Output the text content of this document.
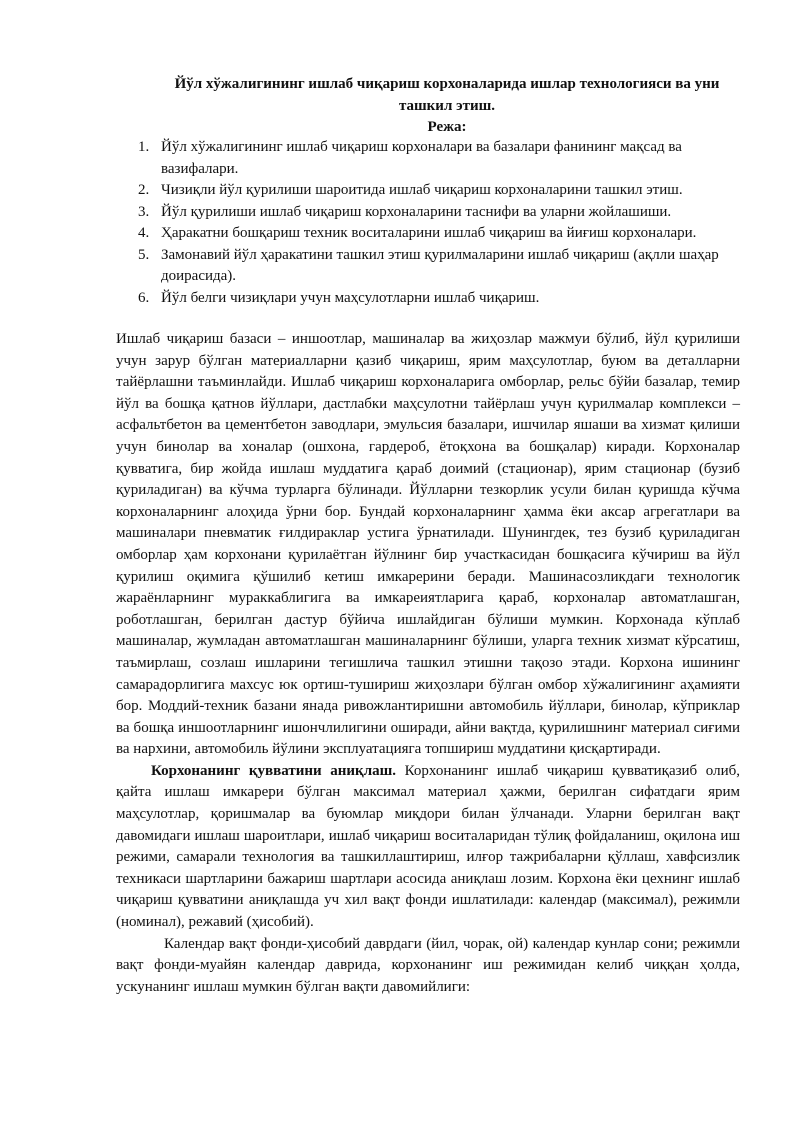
Йўл хўжалигининг ишлаб чиқариш корхоналарида ишлар технологияси ва уни ташкил этиш.
Режа:
1. Йўл хўжалигининг ишлаб чиқариш корхоналари ва базалари фанининг мақсад ва вазифалари.
2. Чизиқли йўл қурилиши шароитида ишлаб чиқариш корхоналарини ташкил этиш.
3. Йўл қурилиши ишлаб чиқариш корхоналарини таснифи ва уларни жойлашиши.
4. Ҳаракатни бошқариш техник воситаларини ишлаб чиқариш ва йиғиш корхоналари.
5. Замонавий йўл ҳаракатини ташкил этиш қурилмаларини ишлаб чиқариш (ақлли шаҳар доирасида).
6. Йўл белги чизиқлари учун маҳсулотларни ишлаб чиқариш.

Ишлаб чиқариш базаси – иншоотлар, машиналар ва жиҳозлар мажмуи бўлиб, йўл қурилиши учун зарур бўлган материалларни қазиб чиқариш, ярим маҳсулотлар, буюм ва деталларни тайёрлашни таъминлайди. Ишлаб чиқариш корхоналарига омборлар, рельс бўйи базалар, темир йўл ва бошқа қатнов йўллари, дастлабки маҳсулотни тайёрлаш учун қурилмалар комплекси – асфальтбетон ва цементбетон заводлари, эмульсия базалари, ишчилар яшаши ва хизмат қилиши учун бинолар ва хоналар (ошхона, гардероб, ётоқхона ва бошқалар) киради. Корхоналар қувватига, бир жойда ишлаш муддатига қараб доимий (стационар), ярим стационар (бузиб қуриладиган) ва кўчма турларга бўлинади. Йўлларни тезкорлик усули билан қуришда кўчма корхоналарнинг алоҳида ўрни бор. Бундай корхоналарнинг ҳамма ёки аксар агрегатлари ва машиналари пневматик ғилдираклар устига ўрнатилади. Шунингдек, тез бузиб қуриладиган омборлар ҳам корхонани қурилаётган йўлнинг бир участкасидан бошқасига кўчириш ва йўл қурилиш оқимига қўшилиб кетиш имкарерини беради. Машинасозликдаги технологик жараёнларнинг мураккаблигига ва имкареиятларига қараб, корхоналар автоматлашган, роботлашган, берилган дастур бўйича ишлайдиган бўлиши мумкин. Корхонада кўплаб машиналар, жумладан автоматлашган машиналарнинг бўлиши, уларга техник хизмат кўрсатиш, таъмирлаш, созлаш ишларини тегишлича ташкил этишни тақозо этади. Корхона ишининг самарадорлигига махсус юк ортиш-тушириш жиҳозлари бўлган омбор хўжалигининг аҳамияти бор. Моддий-техник базани янада ривожлантиришни автомобиль йўллари, бинолар, кўприклар ва бошқа иншоотларнинг ишончлилигини оширади, айни вақтда, қурилишнинг материал сиғими ва нархини, автомобиль йўлини эксплуатацияга топшириш муддатини қисқартиради.

Корхонанинг қувватини аниқлаш. Корхонанинг ишлаб чиқариш қувватиқазиб олиб, қайта ишлаш имкарери бўлган максимал материал ҳажми, берилган сифатдаги ярим маҳсулотлар, қоришмалар ва буюмлар миқдори билан ўлчанади. Уларни берилган вақт давомидаги ишлаш шароитлари, ишлаб чиқариш воситаларидан тўлиқ фойдаланиш, оқилона иш режими, самарали технология ва ташкиллаштириш, илғор тажрибаларни қўллаш, хавфсизлик техникаси шартларини бажариш шартлари асосида аниқлаш лозим. Корхона ёки цехнинг ишлаб чиқариш қувватини аниқлашда уч хил вақт фонди ишлатилади: календар (максимал), режимли (номинал), режавий (ҳисобий).

Календар вақт фонди-ҳисобий даврдаги (йил, чорак, ой) календар кунлар сони; режимли вақт фонди-муайян календар даврида, корхонанинг иш режимидан келиб чиққан ҳолда, ускунанинг ишлаш мумкин бўлган вақти давомийлиги:
